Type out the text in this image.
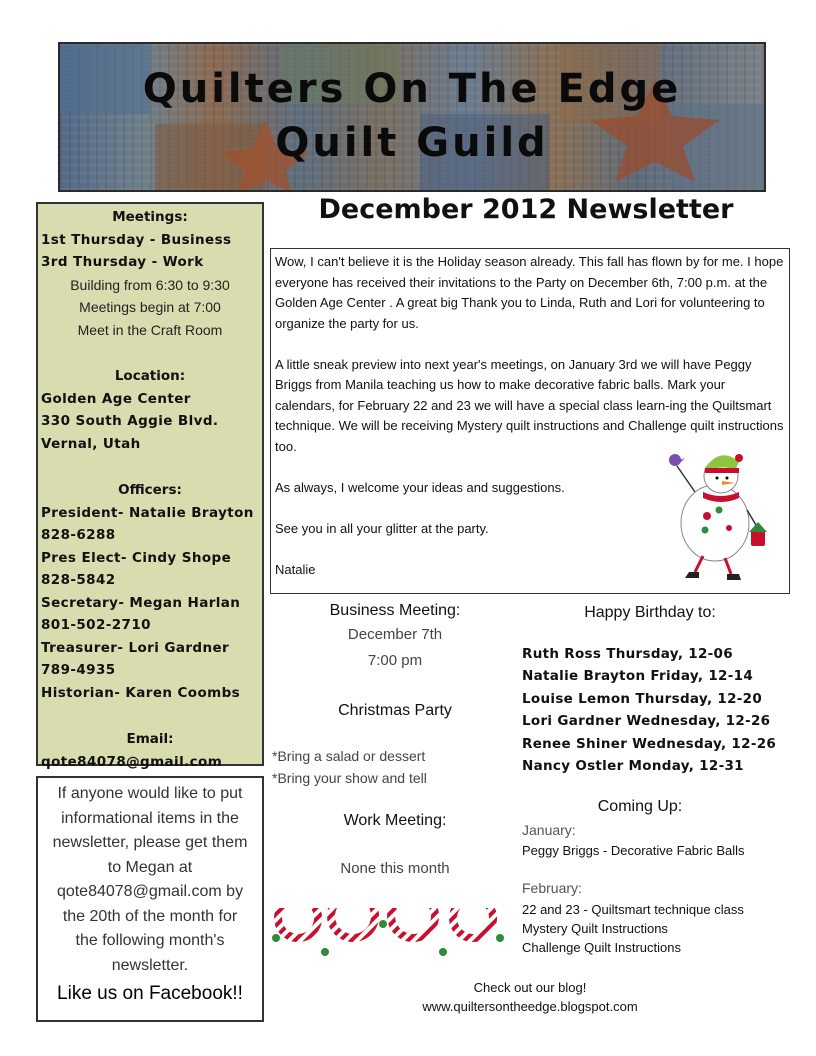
Quilters On The Edge
Quilt Guild
Meetings:
1st Thursday - Business
3rd Thursday - Work
Building from 6:30 to 9:30
Meetings begin at 7:00
Meet in the Craft Room
Location:
Golden Age Center
330 South Aggie Blvd.
Vernal, Utah
Officers:
President- Natalie Brayton
828-6288
Pres Elect- Cindy Shope
828-5842
Secretary- Megan Harlan
801-502-2710
Treasurer- Lori Gardner
789-4935
Historian- Karen Coombs
Email:
qote84078@gmail.com
If anyone would like to put
informational items in the
newsletter, please get them
to Megan at
qote84078@gmail.com by
the 20th of the month for
the following month's
newsletter.
Like us on Facebook!!
December 2012 Newsletter

Wow, I can't believe it is the Holiday season already. This fall has flown by for me. I hope everyone has received their invitations to the Party on December 6th, 7:00 p.m. at the Golden Age Center . A great big Thank you to Linda, Ruth and Lori for volunteering to organize the party for us.

A little sneak preview into next year's meetings, on January 3rd we will have Peggy Briggs from Manila teaching us how to make decorative fabric balls. Mark your calendars, for February 22 and 23 we will have a special class learn-ing the Quiltsmart technique. We will be receiving Mystery quilt instructions and Challenge quilt instructions too.

As always, I welcome your ideas and suggestions.

See you in all your glitter at the party.

Natalie

Business Meeting:
December 7th
7:00 pm
Christmas Party
*Bring a salad or dessert
*Bring your show and tell
Work Meeting:
None this month
Happy Birthday to:
Ruth Ross Thursday, 12-06
Natalie Brayton Friday, 12-14
Louise Lemon Thursday, 12-20
Lori Gardner Wednesday, 12-26
Renee Shiner Wednesday, 12-26
Nancy Ostler Monday, 12-31
Coming Up:
January:
Peggy Briggs - Decorative Fabric Balls
February:
22 and 23 - Quiltsmart technique class
Mystery Quilt Instructions
Challenge Quilt Instructions
Check out our blog!
www.quiltersontheedge.blogspot.com
